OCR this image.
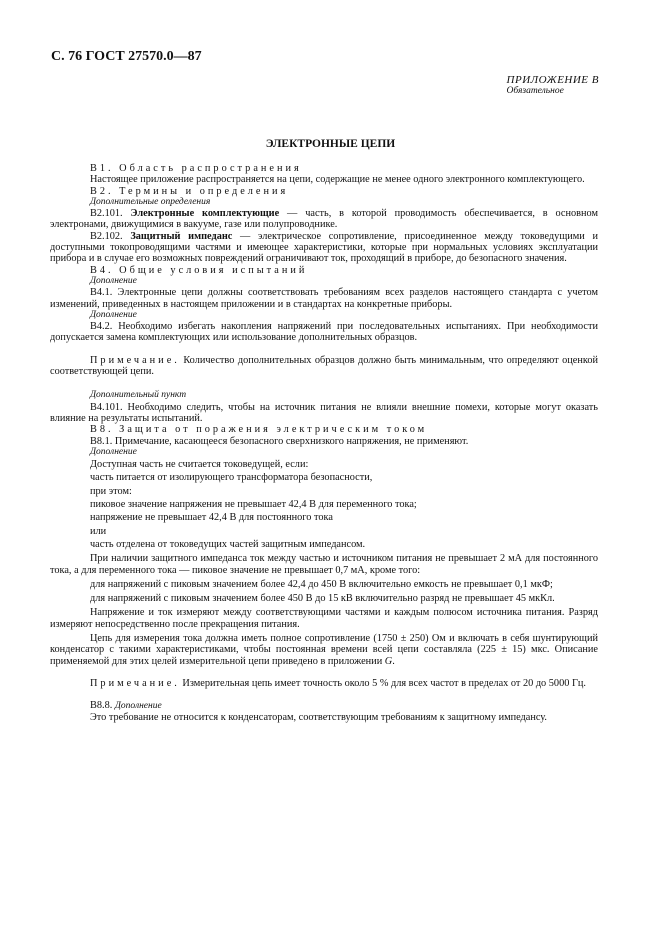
С. 76 ГОСТ 27570.0—87
ПРИЛОЖЕНИЕ В
Обязательное
ЭЛЕКТРОННЫЕ ЦЕПИ

В1. Область распространения

Настоящее приложение распространяется на цепи, содержащие не менее одного электронного комплектующего.

В2. Термины и определения

Дополнительные определения

В2.101. Электронные комплектующие — часть, в которой проводимость обеспечивается, в основном электронами, движущимися в вакууме, газе или полупроводнике.

В2.102. Защитный импеданс — электрическое сопротивление, присоединенное между токоведущими и доступными токопроводящими частями и имеющее характеристики, которые при нормальных условиях эксплуатации прибора и в случае его возможных повреждений ограничивают ток, проходящий в приборе, до безопасного значения.

В4. Общие условия испытаний

Дополнение

В4.1. Электронные цепи должны соответствовать требованиям всех разделов настоящего стандарта с учетом изменений, приведенных в настоящем приложении и в стандартах на конкретные приборы.

Дополнение

В4.2. Необходимо избегать накопления напряжений при последовательных испытаниях. При необходимости допускается замена комплектующих или использование дополнительных образцов.

Примечание. Количество дополнительных образцов должно быть минимальным, что определяют оценкой соответствующей цепи.

Дополнительный пункт

В4.101. Необходимо следить, чтобы на источник питания не влияли внешние помехи, которые могут оказать влияние на результаты испытаний.

В8. Защита от поражения электрическим током

В8.1. Примечание, касающееся безопасного сверхнизкого напряжения, не применяют.

Дополнение

Доступная часть не считается токоведущей, если:

часть питается от изолирующего трансформатора безопасности,

при этом:

пиковое значение напряжения не превышает 42,4 В для переменного тока;

напряжение не превышает 42,4 В для постоянного тока

или

часть отделена от токоведущих частей защитным импедансом.

При наличии защитного импеданса ток между частью и источником питания не превышает 2 мА для постоянного тока, а для переменного тока — пиковое значение не превышает 0,7 мА, кроме того:

для напряжений с пиковым значением более 42,4 до 450 В включительно емкость не превышает 0,1 мкФ;

для напряжений с пиковым значением более 450 В до 15 кВ включительно разряд не превышает 45 мкКл.

Напряжение и ток измеряют между соответствующими частями и каждым полюсом источника питания. Разряд измеряют непосредственно после прекращения питания.

Цепь для измерения тока должна иметь полное сопротивление (1750 ± 250) Ом и включать в себя шунтирующий конденсатор с такими характеристиками, чтобы постоянная времени всей цепи составляла (225 ± 15) мкс. Описание применяемой для этих целей измерительной цепи приведено в приложении G.

Примечание. Измерительная цепь имеет точность около 5 % для всех частот в пределах от 20 до 5000 Гц.

В8.8. Дополнение

Это требование не относится к конденсаторам, соответствующим требованиям к защитному импедансу.
